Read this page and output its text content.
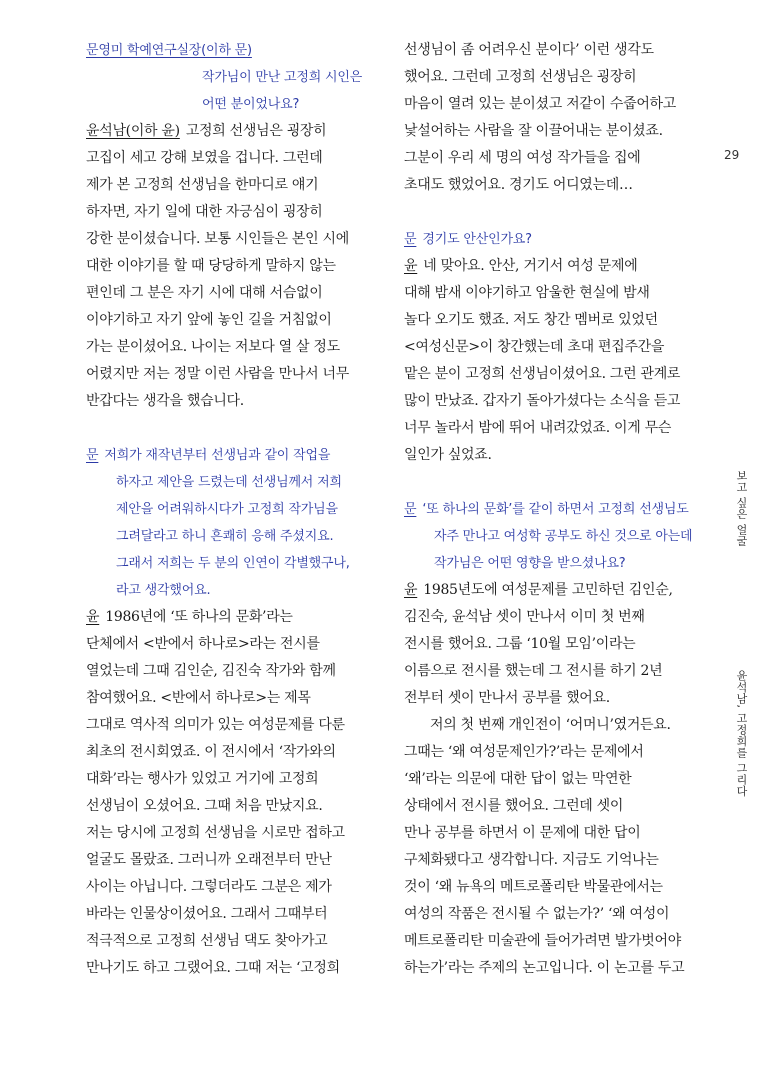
문영미 학예연구실장(이하 문)
작가님이 만난 고정희 시인은
어떤 분이었나요?
윤석남(이하 윤) 고정희 선생님은 굉장히
고집이 세고 강해 보였을 겁니다. 그런데
제가 본 고정희 선생님을 한마디로 얘기
하자면, 자기 일에 대한 자긍심이 굉장히
강한 분이셨습니다. 보통 시인들은 본인 시에
대한 이야기를 할 때 당당하게 말하지 않는
편인데 그 분은 자기 시에 대해 서슴없이
이야기하고 자기 앞에 놓인 길을 거침없이
가는 분이셨어요. 나이는 저보다 열 살 정도
어렸지만 저는 정말 이런 사람을 만나서 너무
반갑다는 생각을 했습니다.
문 저희가 재작년부터 선생님과 같이 작업을
하자고 제안을 드렸는데 선생님께서 저희
제안을 어려워하시다가 고정희 작가님을
그려달라고 하니 흔쾌히 응해 주셨지요.
그래서 저희는 두 분의 인연이 각별했구나,
라고 생각했어요.
윤 1986년에 ‘또 하나의 문화’라는
단체에서 <반에서 하나로>라는 전시를
열었는데 그때 김인순, 김진숙 작가와 함께
참여했어요. <반에서 하나로>는 제목
그대로 역사적 의미가 있는 여성문제를 다룬
최초의 전시회였죠. 이 전시에서 ‘작가와의
대화’라는 행사가 있었고 거기에 고정희
선생님이 오셨어요. 그때 처음 만났지요.
저는 당시에 고정희 선생님을 시로만 접하고
얼굴도 몰랐죠. 그러니까 오래전부터 만난
사이는 아닙니다. 그렇더라도 그분은 제가
바라는 인물상이셨어요. 그래서 그때부터
적극적으로 고정희 선생님 댁도 찾아가고
만나기도 하고 그랬어요. 그때 저는 ‘고정희
선생님이 좀 어려우신 분이다’ 이런 생각도
했어요. 그런데 고정희 선생님은 굉장히
마음이 열려 있는 분이셨고 저같이 수줍어하고
낯설어하는 사람을 잘 이끌어내는 분이셨죠.
그분이 우리 세 명의 여성 작가들을 집에
초대도 했었어요. 경기도 어디였는데…
문 경기도 안산인가요?
윤 네 맞아요. 안산, 거기서 여성 문제에
대해 밤새 이야기하고 암울한 현실에 밤새
놀다 오기도 했죠. 저도 창간 멤버로 있었던
<여성신문>이 창간했는데 초대 편집주간을
맡은 분이 고정희 선생님이셨어요. 그런 관계로
많이 만났죠. 갑자기 돌아가셨다는 소식을 듣고
너무 놀라서 밤에 뛰어 내려갔었죠. 이게 무슨
일인가 싶었죠.
문 ‘또 하나의 문화’를 같이 하면서 고정희 선생님도
자주 만나고 여성학 공부도 하신 것으로 아는데
작가님은 어떤 영향을 받으셨나요?
윤 1985년도에 여성문제를 고민하던 김인순,
김진숙, 윤석남 셋이 만나서 이미 첫 번째
전시를 했어요. 그룹 ‘10월 모임’이라는
이름으로 전시를 했는데 그 전시를 하기 2년
전부터 셋이 만나서 공부를 했어요.
저의 첫 번째 개인전이 ‘어머니’였거든요.
그때는 ‘왜 여성문제인가?’라는 문제에서
‘왜’라는 의문에 대한 답이 없는 막연한
상태에서 전시를 했어요. 그런데 셋이
만나 공부를 하면서 이 문제에 대한 답이
구체화됐다고 생각합니다. 지금도 기억나는
것이 ‘왜 뉴욕의 메트로폴리탄 박물관에서는
여성의 작품은 전시될 수 없는가?’ ‘왜 여성이
메트로폴리탄 미술관에 들어가려면 발가벗어야
하는가’라는 주제의 논고입니다. 이 논고를 두고
29
보고 싶은 얼굴
윤석남, 고정희를 그리다
